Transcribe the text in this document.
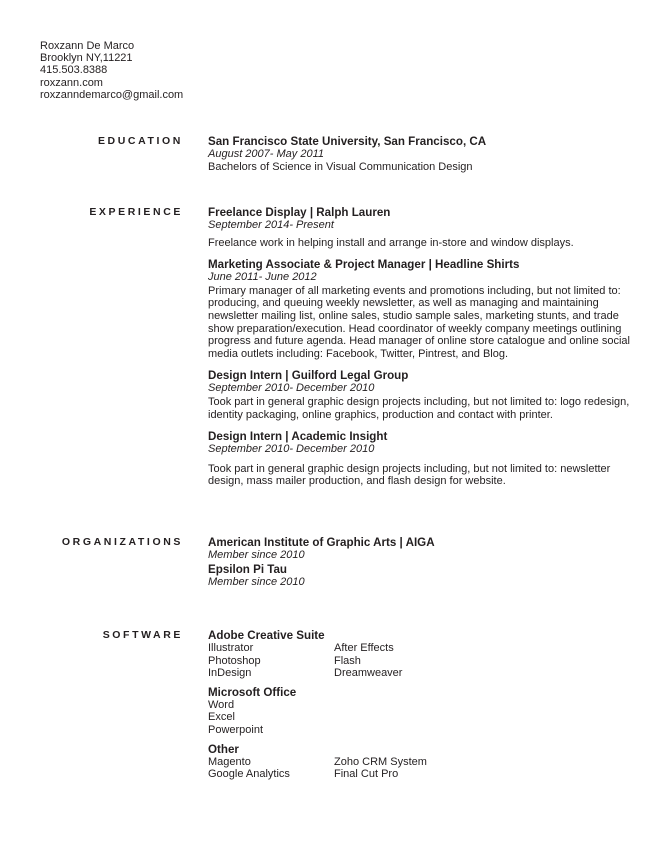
Roxzann De Marco
Brooklyn NY,11221
415.503.8388
roxzann.com
roxzanndemarco@gmail.com
EDUCATION San Francisco State University, San Francisco, CA
August 2007- May 2011
Bachelors of Science in Visual Communication Design
EXPERIENCE Freelance Display | Ralph Lauren
September 2014- Present
Freelance work in helping install and arrange in-store and window displays.
Marketing Associate & Project Manager | Headline Shirts
June 2011- June 2012
Primary manager of all marketing events and promotions including, but not limited to:
producing, and queuing weekly newsletter, as well as managing and maintaining
newsletter mailing list, online sales, studio sample sales, marketing stunts, and trade
show preparation/execution. Head coordinator of weekly company meetings outlining
progress and future agenda. Head manager of online store catalogue and online social
media outlets including: Facebook, Twitter, Pintrest, and Blog.
Design Intern | Guilford Legal Group
September 2010- December 2010
Took part in general graphic design projects including, but not limited to: logo redesign,
identity packaging, online graphics, production and contact with printer.
Design Intern | Academic Insight
September 2010- December 2010
Took part in general graphic design projects including, but not limited to: newsletter
design, mass mailer production, and flash design for website.
ORGANIZATIONS American Institute of Graphic Arts | AIGA
Member since 2010
Epsilon Pi Tau
Member since 2010
SOFTWARE Adobe Creative Suite
Illustrator
Photoshop
InDesign
After Effects
Flash
Dreamweaver
Microsoft Office
Word
Excel
Powerpoint
Other
Magento
Google Analytics
Zoho CRM System
Final Cut Pro
